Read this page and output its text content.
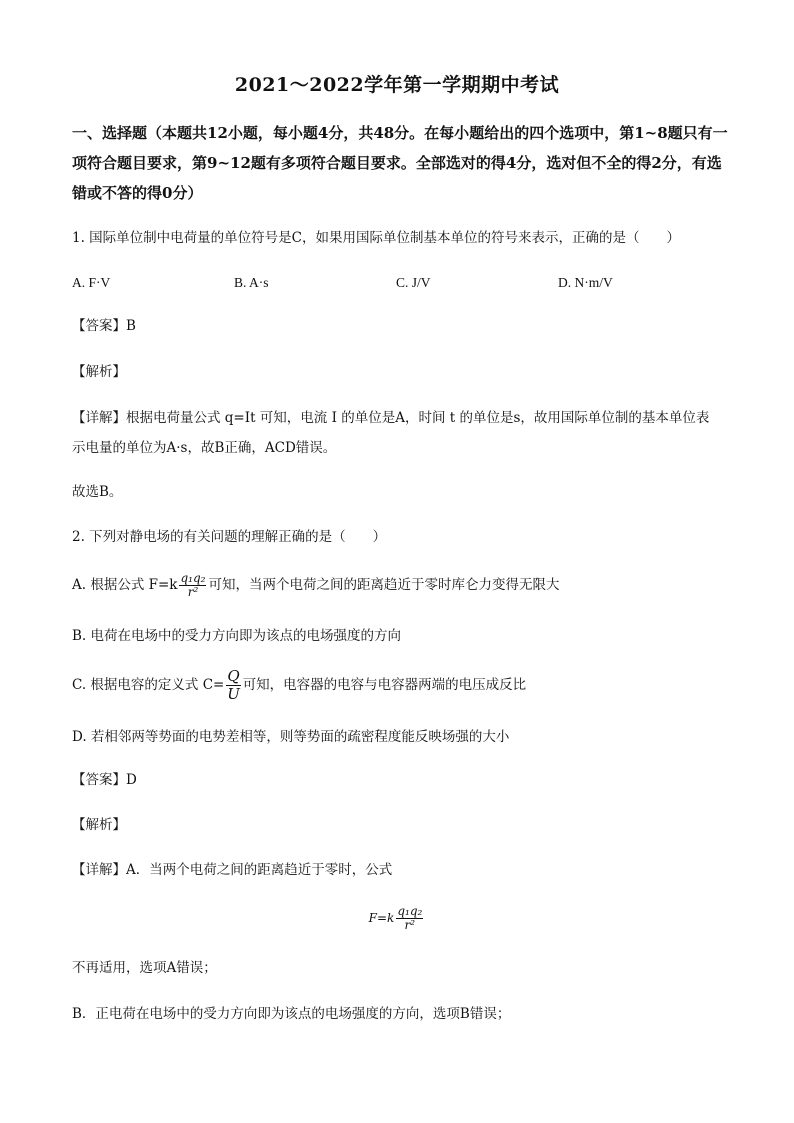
2021～2022学年第一学期期中考试
一、选择题（本题共12小题，每小题4分，共48分。在每小题给出的四个选项中，第1~8题只有一项符合题目要求，第9~12题有多项符合题目要求。全部选对的得4分，选对但不全的得2分，有选错或不答的得0分）
1. 国际单位制中电荷量的单位符号是C，如果用国际单位制基本单位的符号来表示，正确的是（　　）
A. F·V	B. A·s	C. J/V	D. N·m/V
【答案】B
【解析】
【详解】根据电荷量公式 q=It 可知，电流 I 的单位是A，时间 t 的单位是s，故用国际单位制的基本单位表
示电量的单位为A·s，故B正确，ACD错误。
故选B。
2. 下列对静电场的有关问题的理解正确的是（　　）
A. 根据公式 $F=k \frac{\text{q₁q₂}}{\text{r²}}$ 可知，当两个电荷之间的距离趋近于零时库仑力变得无限大
B. 电荷在电场中的受力方向即为该点的电场强度的方向
C. 根据电容的定义式 $C= \frac{Q}{U}$ 可知，电容器的电容与电容器两端的电压成反比
D. 若相邻两等势面的电势差相等，则等势面的疏密程度能反映场强的大小
【答案】D
【解析】
【详解】A．当两个电荷之间的距离趋近于零时，公式
$F=k \frac{\text{q₁q₂}}{\text{r²}}$
不再适用，选项A错误；
B．正电荷在电场中的受力方向即为该点的电场强度的方向，选项B错误；
